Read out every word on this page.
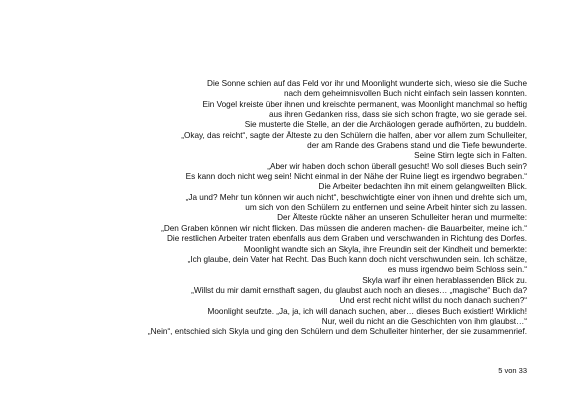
Die Sonne schien auf das Feld vor ihr und Moonlight wunderte sich, wieso sie die Suche
nach dem geheimnisvollen Buch nicht einfach sein lassen konnten.
Ein Vogel kreiste über ihnen und kreischte permanent, was Moonlight manchmal so heftig
aus ihren Gedanken riss, dass sie sich schon fragte, wo sie gerade sei.
Sie musterte die Stelle, an der die Archäologen gerade aufhörten, zu buddeln.
„Okay, das reicht“, sagte der Älteste zu den Schülern die halfen, aber vor allem zum Schulleiter,
der am Rande des Grabens stand und die Tiefe bewunderte.
Seine Stirn legte sich in Falten.
„Aber wir haben doch schon überall gesucht! Wo soll dieses Buch sein?
Es kann doch nicht weg sein! Nicht einmal in der Nähe der Ruine liegt es irgendwo begraben.“
Die Arbeiter bedachten ihn mit einem gelangweilten Blick.
„Ja und? Mehr tun können wir auch nicht“, beschwichtigte einer von ihnen und drehte sich um,
um sich von den Schülern zu entfernen und seine Arbeit hinter sich zu lassen.
Der Älteste rückte näher an unseren Schulleiter heran und murmelte:
„Den Graben können wir nicht flicken. Das müssen die anderen machen- die Bauarbeiter, meine ich.“
Die restlichen Arbeiter traten ebenfalls aus dem Graben und verschwanden in Richtung des Dorfes.
Moonlight wandte sich an Skyla, ihre Freundin seit der Kindheit und bemerkte:
„Ich glaube, dein Vater hat Recht. Das Buch kann doch nicht verschwunden sein. Ich schätze,
es muss irgendwo beim Schloss sein.“
Skyla warf ihr einen herablassenden Blick zu.
„Willst du mir damit ernsthaft sagen, du glaubst auch noch an dieses… „magische“ Buch da?
Und erst recht nicht willst du noch danach suchen?“
Moonlight seufzte. „Ja, ja, ich will danach suchen, aber… dieses Buch existiert! Wirklich!
Nur, weil du nicht an die Geschichten von ihm glaubst…“
„Nein“, entschied sich Skyla und ging den Schülern und dem Schulleiter hinterher, der sie zusammenrief.
5 von 33
